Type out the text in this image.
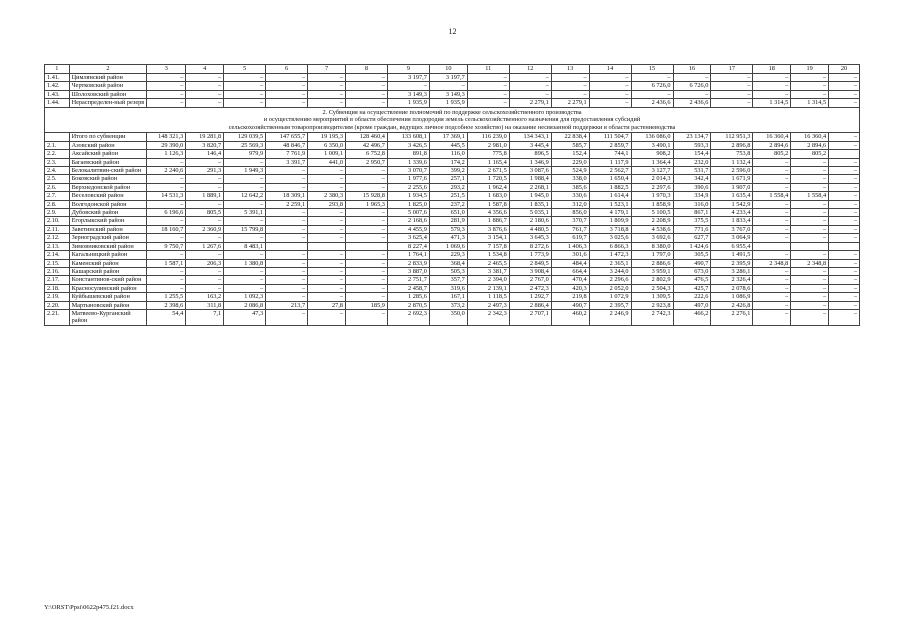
12
1	2	3	4	5	6	7	8	9	10	11	12	13	14	15	16	17	18	19	20
1.41.	Цимлянский район	–	–	–	–	–	–	3 197,7	3 197,7	–	–	–	–	–	–	–	–	–	–
1.42.	Чертковский район	–	–	–	–	–	–	–	–	–	–	–	–	6 726,0	6 726,0	–	–	–	–
1.43.	Шолоховский район	–	–	–	–	–	–	3 149,3	3 149,3	–	–	–	–	–	–	–	–	–	–
1.44.	Нераспределен-ный резерв	–	–	–	–	–	–	1 935,9	1 935,9	–	2 279,1	2 279,1	–	2 436,6	2 436,6	–	1 314,5	1 314,5	–

2. Субвенция на осуществление полномочий по поддержке сельскохозяйственного производства
и осуществлению мероприятий в области обеспечения плодородия земель сельскохозяйственного назначения для предоставления субсидий
сельскохозяйственным товаропроизводителям (кроме граждан, ведущих личное подсобное хозяйство) на оказание несвязанной поддержки в области растениеводства																			

	Итого по субвенции	148 321,3	19 281,8	129 039,5	147 655,7	19 195,3	128 460,4	133 608,1	17 369,1	116 239,0	134 343,1	22 838,4	111 504,7	136 086,0	23 134,7	112 951,3	16 360,4	16 360,4	–
2.1.	Азовский район	29 390,0	3 820,7	25 569,3	48 846,7	6 350,0	42 496,7	3 426,5	445,5	2 981,0	3 445,4	585,7	2 859,7	3 490,1	593,3	2 896,8	2 894,6	2 894,6	–
2.2.	Аксайский район	1 126,3	146,4	979,9	7 761,9	1 009,1	6 752,8	891,8	116,0	775,8	896,5	152,4	744,1	908,2	154,4	753,8	805,2	805,2	
2.3.	Багаевский район	–	–	–	3 391,7	441,0	2 950,7	1 339,6	174,2	1 165,4	1 346,9	229,0	1 117,9	1 364,4	232,0	1 132,4	–	–	–
2.4.	Белокалитвин-ский район	2 240,6	291,3	1 949,3	–	–	–	3 070,7	399,2	2 671,5	3 087,6	524,9	2 562,7	3 127,7	531,7	2 596,0	–	–	–
2.5.	Боковский район	–	–	–	–	–	–	1 977,6	257,1	1 720,5	1 988,4	338,0	1 650,4	2 014,3	342,4	1 671,9	–	–	–
2.6.	Верхнедонской район	–	–	–	–	–	–	2 255,6	293,2	1 962,4	2 268,1	385,6	1 882,5	2 297,6	390,6	1 907,0	–	–	–
2.7.	Веселовский район	14 531,3	1 889,1	12 642,2	18 309,1	2 380,3	15 928,8	1 934,5	251,5	1 683,0	1 945,0	330,6	1 614,4	1 970,3	334,9	1 635,4	1 558,4	1 558,4	–
2.8.	Волгодонской район	–	–	–	2 259,1	293,8	1 965,3	1 825,0	237,2	1 587,8	1 835,1	312,0	1 523,1	1 858,9	316,0	1 542,9	–	–	–
2.9.	Дубовский район	6 196,6	805,5	5 391,1	–	–	–	5 007,6	651,0	4 356,6	5 035,1	856,0	4 179,1	5 100,5	867,1	4 233,4	–	–	–
2.10.	Егорлыкский район	–	–	–	–	–	–	2 168,6	281,9	1 886,7	2 180,6	370,7	1 809,9	2 208,9	375,5	1 833,4	–	–	–
2.11.	Заветинский район	18 160,7	2 360,9	15 799,8	–	–	–	4 455,9	579,3	3 876,6	4 480,5	761,7	3 718,8	4 538,6	771,6	3 767,0	–	–	–
2.12.	Зерноградский район	–	–	–	–	–	–	3 625,4	471,3	3 154,1	3 645,3	619,7	3 025,6	3 692,6	627,7	3 064,9	–	–	–
2.13.	Зимовниковский район	9 750,7	1 267,6	8 483,1				8 227,4	1 069,6	7 157,8	8 272,6	1 406,3	6 866,3	8 380,0	1 424,6	6 955,4			
2.14.	Кагальницкий район	–	–	–	–	–	–	1 764,1	229,3	1 534,8	1 773,9	301,6	1 472,3	1 797,0	305,5	1 491,5	–	–	–
2.15.	Каменский район	1 587,1	206,3	1 380,8	–	–	–	2 833,9	368,4	2 465,5	2 849,5	484,4	2 365,1	2 886,6	490,7	2 395,9	2 348,8	2 348,8	–
2.16.	Кашарский район	–	–	–	–	–	–	3 887,0	505,3	3 381,7	3 908,4	664,4	3 244,0	3 959,1	673,0	3 286,1	–	–	–
2.17.	Константинов-ский район	–	–	–	–	–	–	2 751,7	357,7	2 394,0	2 767,0	470,4	2 296,6	2 802,9	476,5	2 326,4	–	–	–
2.18.	Красносулинский район	–	–	–	–	–	–	2 458,7	319,6	2 139,1	2 472,3	420,3	2 052,0	2 504,3	425,7	2 078,6	–	–	–
2.19.	Куйбышевский район	1 255,5	163,2	1 092,3	–	–	–	1 285,6	167,1	1 118,5	1 292,7	219,8	1 072,9	1 309,5	222,6	1 086,9	–	–	–
2.20.	Мартыновский район	2 398,6	311,8	2 086,8	213,7	27,8	185,9	2 870,5	373,2	2 497,3	2 886,4	490,7	2 395,7	2 923,8	497,0	2 426,8	–	–	–
2.21.	Матвеево-Курганский район	54,4	7,1	47,3	–	–	–	2 692,3	350,0	2 342,3	2 707,1	460,2	2 246,9	2 742,3	466,2	2 276,1	–	–	–
Y:\ORST\Ppsi\0622p475.f21.docx
